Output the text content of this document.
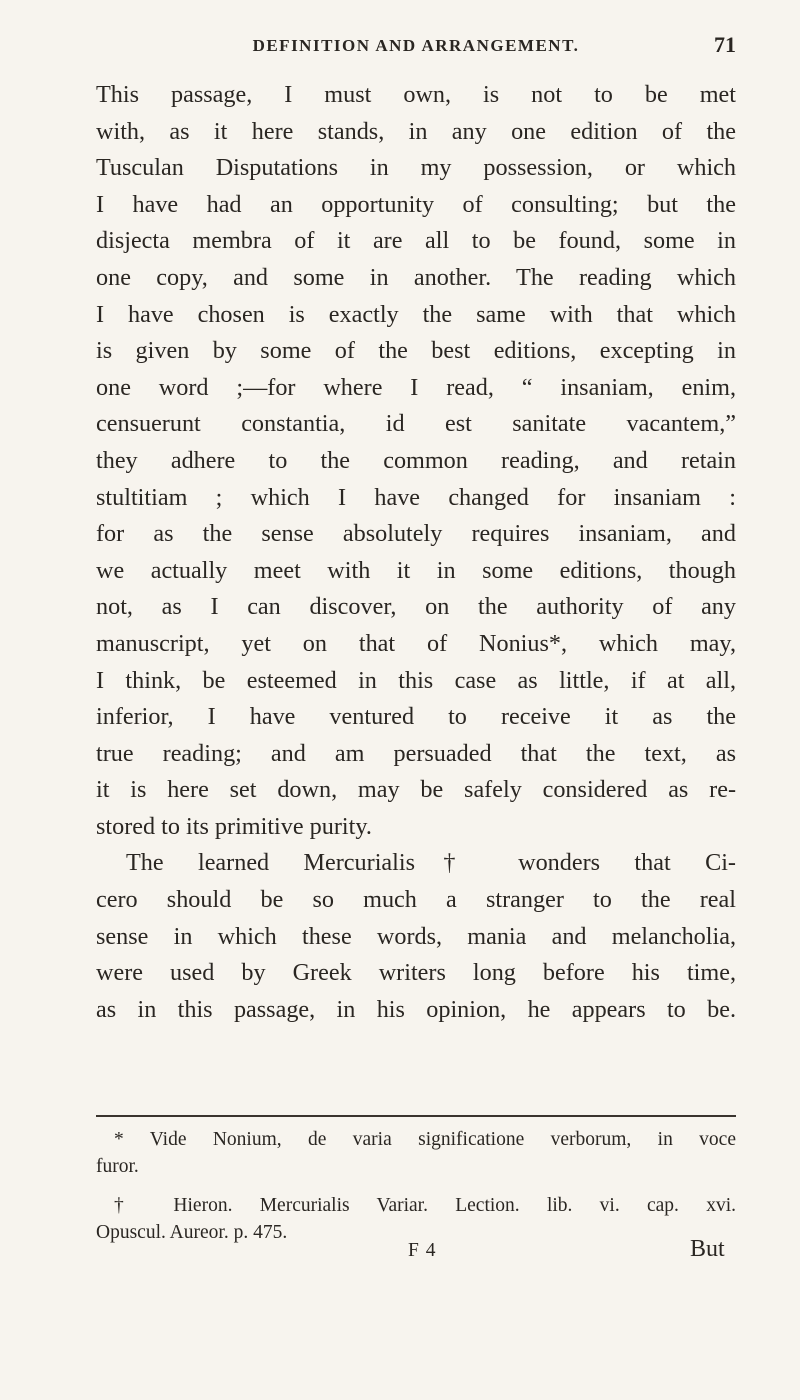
DEFINITION AND ARRANGEMENT.	71
This passage, I must own, is not to be met
with, as it here stands, in any one edition of the
Tusculan Disputations in my possession, or which
I have had an opportunity of consulting; but the
disjecta membra of it are all to be found, some in
one copy, and some in another. The reading which
I have chosen is exactly the same with that which
is given by some of the best editions, excepting in
one word ;—for where I read, “ insaniam, enim,
censuerunt constantia, id est sanitate vacantem,”
they adhere to the common reading, and retain
stultitiam ; which I have changed for insaniam :
for as the sense absolutely requires insaniam, and
we actually meet with it in some editions, though
not, as I can discover, on the authority of any
manuscript, yet on that of Nonius*, which may,
I think, be esteemed in this case as little, if at all,
inferior, I have ventured to receive it as the
true reading; and am persuaded that the text, as
it is here set down, may be safely considered as re-
stored to its primitive purity.
The learned Mercurialis† wonders that Ci-
cero should be so much a stranger to the real
sense in which these words, mania and melancholia,
were used by Greek writers long before his time,
as in this passage, in his opinion, he appears to be.
* Vide Nonium, de varia significatione verborum, in voce
furor.
† Hieron. Mercurialis Variar. Lection. lib. vi. cap. xvi.
Opuscul. Aureor. p. 475.
F 4	But
